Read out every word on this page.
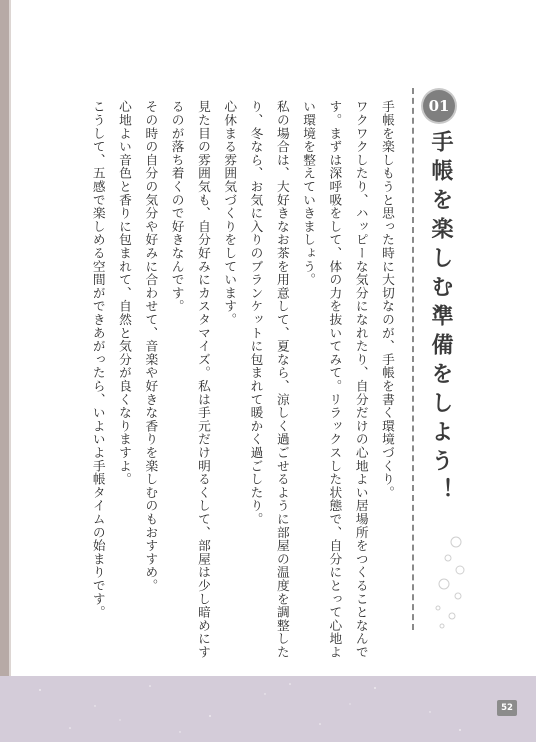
01
手帳を楽しむ準備をしよう！

手帳を楽しもうと思った時に大切なのが、手帳を書く環境づくり。

ワクワクしたり、ハッピーな気分になれたり、自分だけの心地よい居場所をつくることなんです。まずは深呼吸をして、体の力を抜いてみて。リラックスした状態で、自分にとって心地よい環境を整えていきましょう。

私の場合は、大好きなお茶を用意して、夏なら、涼しく過ごせるように部屋の温度を調整したり、冬なら、お気に入りのブランケットに包まれて暖かく過ごしたり。

心休まる雰囲気づくりをしています。

見た目の雰囲気も、自分好みにカスタマイズ。私は手元だけ明るくして、部屋は少し暗めにするのが落ち着くので好きなんです。

その時の自分の気分や好みに合わせて、音楽や好きな香りを楽しむのもおすすめ。

心地よい音色と香りに包まれて、自然と気分が良くなりますよ。

こうして、五感で楽しめる空間ができあがったら、いよいよ手帳タイムの始まりです。

52
